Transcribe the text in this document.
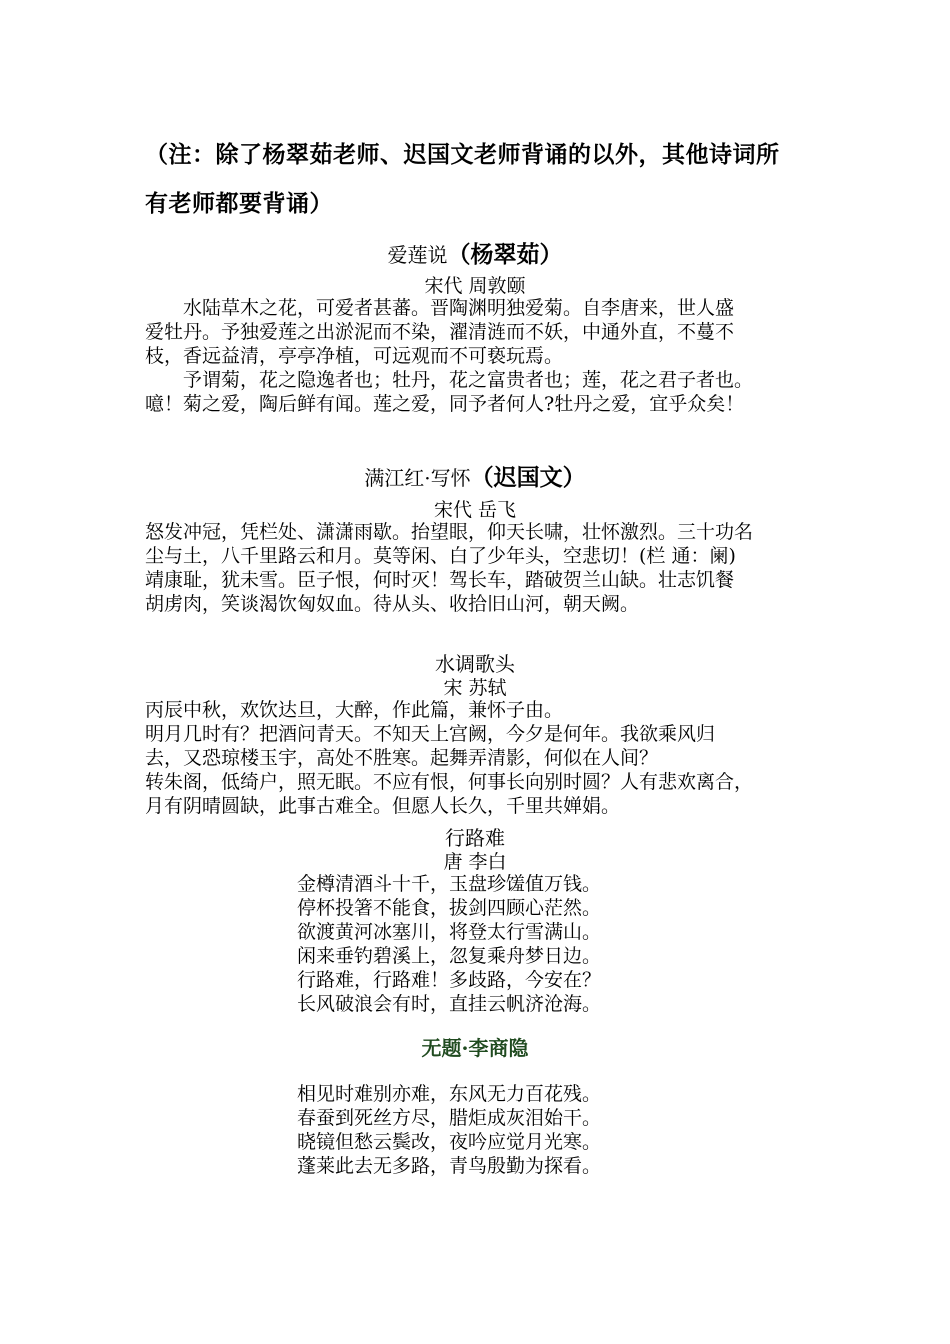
（注：除了杨翠茹老师、迟国文老师背诵的以外，其他诗词所
有老师都要背诵）
爱莲说（杨翠茹）
宋代 周敦颐
　　水陆草木之花，可爱者甚蕃。晋陶渊明独爱菊。自李唐来，世人盛
爱牡丹。予独爱莲之出淤泥而不染，濯清涟而不妖，中通外直，不蔓不
枝，香远益清，亭亭净植，可远观而不可亵玩焉。
　　予谓菊，花之隐逸者也；牡丹，花之富贵者也；莲，花之君子者也。
噫！菊之爱，陶后鲜有闻。莲之爱，同予者何人?牡丹之爱，宜乎众矣！
满江红·写怀（迟国文）
宋代 岳飞
怒发冲冠，凭栏处、潇潇雨歇。抬望眼，仰天长啸，壮怀激烈。三十功名
尘与土，八千里路云和月。莫等闲、白了少年头，空悲切！(栏 通：阑)
靖康耻，犹未雪。臣子恨，何时灭！驾长车，踏破贺兰山缺。壮志饥餐
胡虏肉，笑谈渴饮匈奴血。待从头、收拾旧山河，朝天阙。
水调歌头
宋 苏轼
丙辰中秋，欢饮达旦，大醉，作此篇，兼怀子由。
明月几时有？把酒问青天。不知天上宫阙，今夕是何年。我欲乘风归
去，又恐琼楼玉宇，高处不胜寒。起舞弄清影，何似在人间？
转朱阁，低绮户，照无眠。不应有恨，何事长向别时圆？人有悲欢离合，
月有阴晴圆缺，此事古难全。但愿人长久，千里共婵娟。
行路难
唐 李白
金樽清酒斗十千，玉盘珍馐值万钱。
停杯投箸不能食，拔剑四顾心茫然。
欲渡黄河冰塞川，将登太行雪满山。
闲来垂钓碧溪上，忽复乘舟梦日边。
行路难，行路难！多歧路，今安在？
长风破浪会有时，直挂云帆济沧海。
无题·李商隐
相见时难别亦难，东风无力百花残。
春蚕到死丝方尽，腊炬成灰泪始干。
晓镜但愁云鬓改，夜吟应觉月光寒。
蓬莱此去无多路，青鸟殷勤为探看。
